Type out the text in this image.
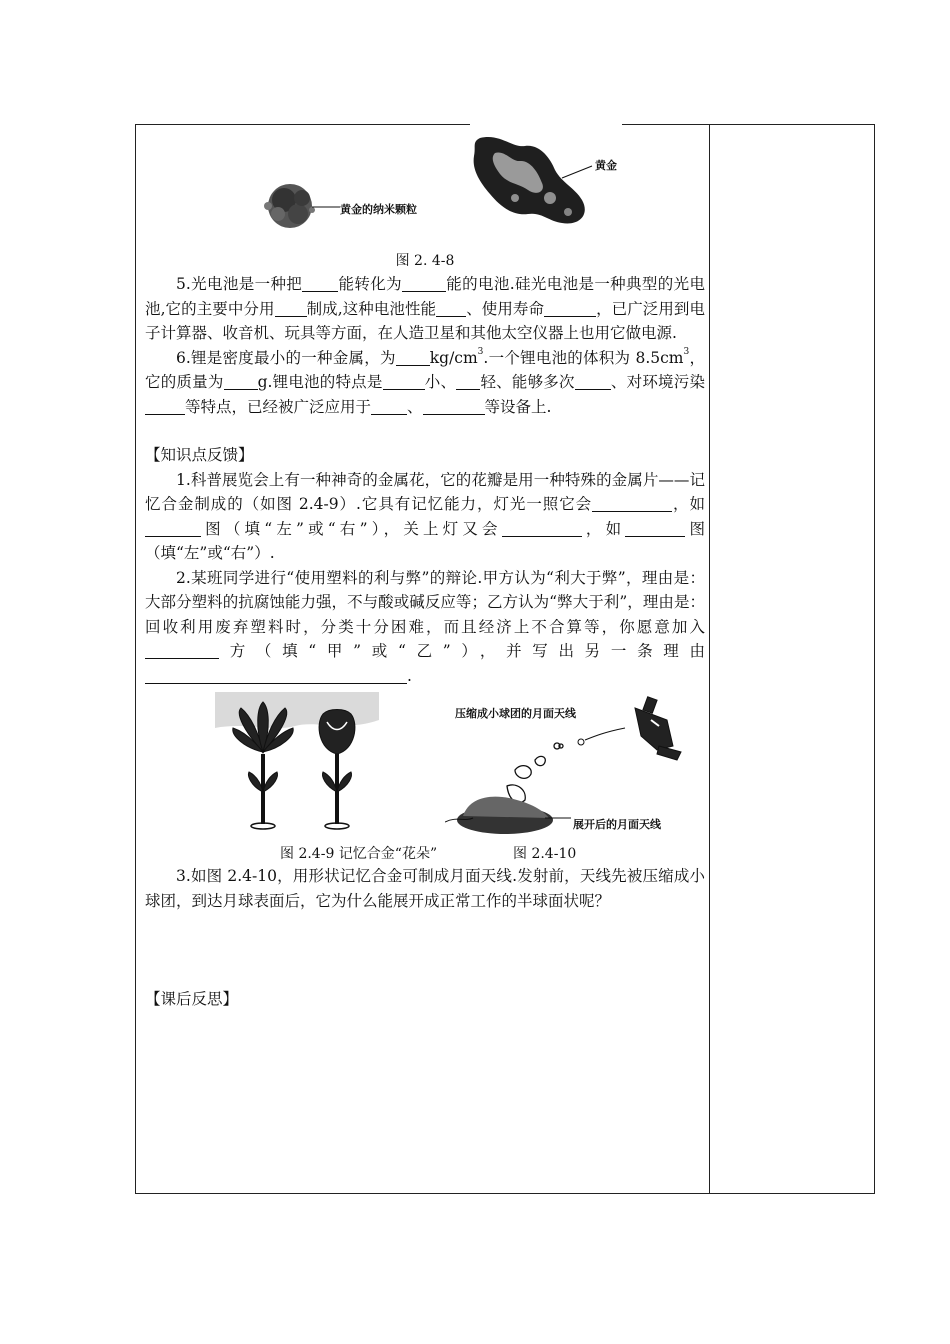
黄金的纳米颗粒
黄金

图 2. 4-8

5.光电池是一种把 能转化为	能的电池.硅光电池是一种典型的光电池,它的主要中分用 制成,这种电池性能 、使用寿命	，已广泛用到电子计算器、收音机、玩具等方面，在人造卫星和其他太空仪器上也用它做电源.

6.锂是密度最小的一种金属，为 $kg/cm^3$.一个锂电池的体积为 $8.5cm^3$，它的质量为 g.锂电池的特点是	小、 轻、能够多次 、对环境污染等特点，已经被广泛应用于 、	等设备上.

【知识点反馈】

1.科普展览会上有一种神奇的金属花，它的花瓣是用一种特殊的金属片——记忆合金制成的（如图 2.4-9）.它具有记忆能力，灯光一照它会	，如图（填“左”或“右”），关上灯又会	，如	图（填“左”或“右”）.

2.某班同学进行“使用塑料的利与弊”的辩论.甲方认为“利大于弊”，理由是：大部分塑料的抗腐蚀能力强，不与酸或碱反应等；乙方认为“弊大于利”，理由是：回收利用废弃塑料时，分类十分困难，而且经济上不合算等，你愿意加入方（填“甲”或“乙”），并写出另一条理由.

压缩成小球团的月面天线
展开后的月面天线
图 2.4-9 记忆合金“花朵”	图 2.4-10

3.如图 2.4-10，用形状记忆合金可制成月面天线.发射前，天线先被压缩成小球团，到达月球表面后，它为什么能展开成正常工作的半球面状呢？

【课后反思】
